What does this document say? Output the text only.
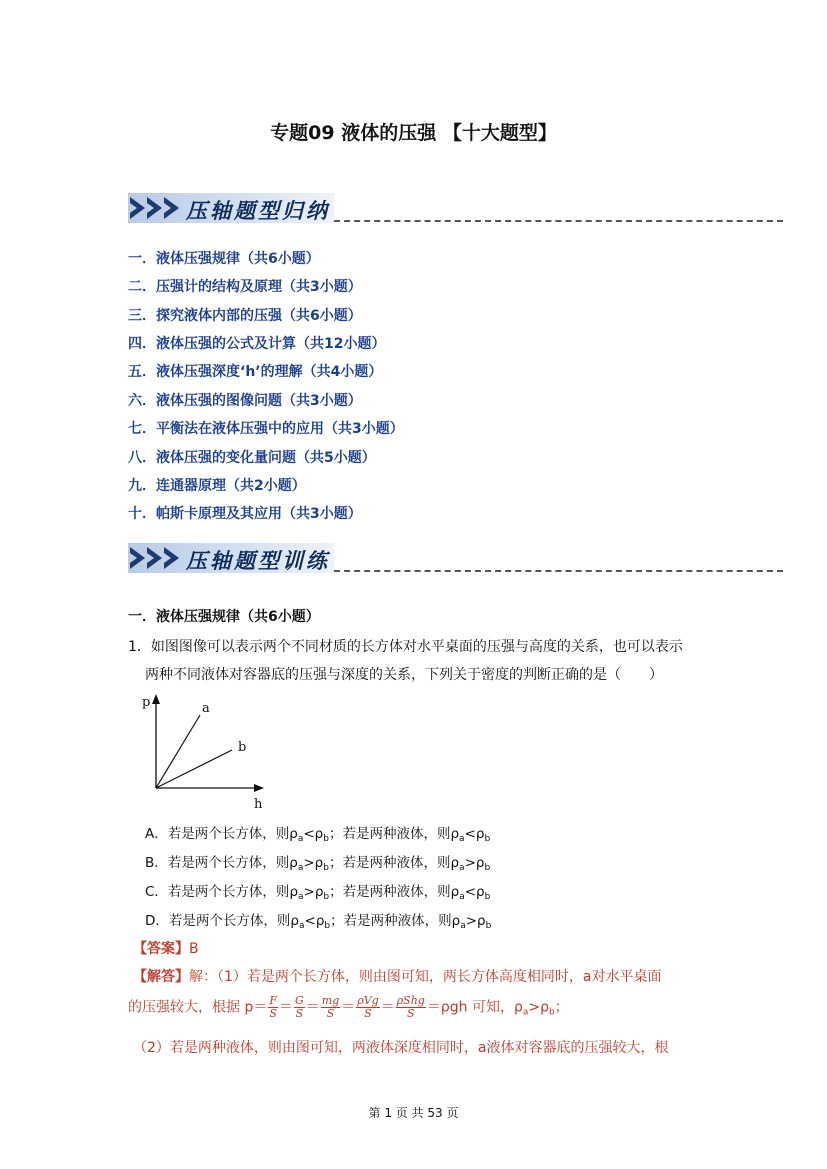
专题09 液体的压强 【十大题型】
压轴题型归纳
一．液体压强规律（共6小题）
二．压强计的结构及原理（共3小题）
三．探究液体内部的压强（共6小题）
四．液体压强的公式及计算（共12小题）
五．液体压强深度‘h’的理解（共4小题）
六．液体压强的图像问题（共3小题）
七．平衡法在液体压强中的应用（共3小题）
八．液体压强的变化量问题（共5小题）
九．连通器原理（共2小题）
十．帕斯卡原理及其应用（共3小题）
压轴题型训练
一．液体压强规律（共6小题）
1．如图图像可以表示两个不同材质的长方体对水平桌面的压强与高度的关系，也可以表示
两种不同液体对容器底的压强与深度的关系，下列关于密度的判断正确的是（　　）
p
h
a
b
A．若是两个长方体，则$\rho_a<\rho_b$；若是两种液体，则$\rho_a<\rho_b$
B．若是两个长方体，则$\rho_a>\rho_b$；若是两种液体，则$\rho_a>\rho_b$
C．若是两个长方体，则$\rho_a>\rho_b$；若是两种液体，则$\rho_a<\rho_b$
D．若是两个长方体，则$\rho_a<\rho_b$；若是两种液体，则$\rho_a>\rho_b$
【答案】B
【解答】解：（1）若是两个长方体，则由图可知，两长方体高度相同时，a对水平桌面
的压强较大，根据 $p= \frac{F}{S} = \frac{G}{S} = \frac{mg}{S} = \frac{\text{ρVg}}{S} = \frac{\text{ρShg}}{S} =\rho gh$ 可知，$\rho_a>\rho_b$；
（2）若是两种液体，则由图可知，两液体深度相同时，a液体对容器底的压强较大，根
第 1 页 共 53 页
